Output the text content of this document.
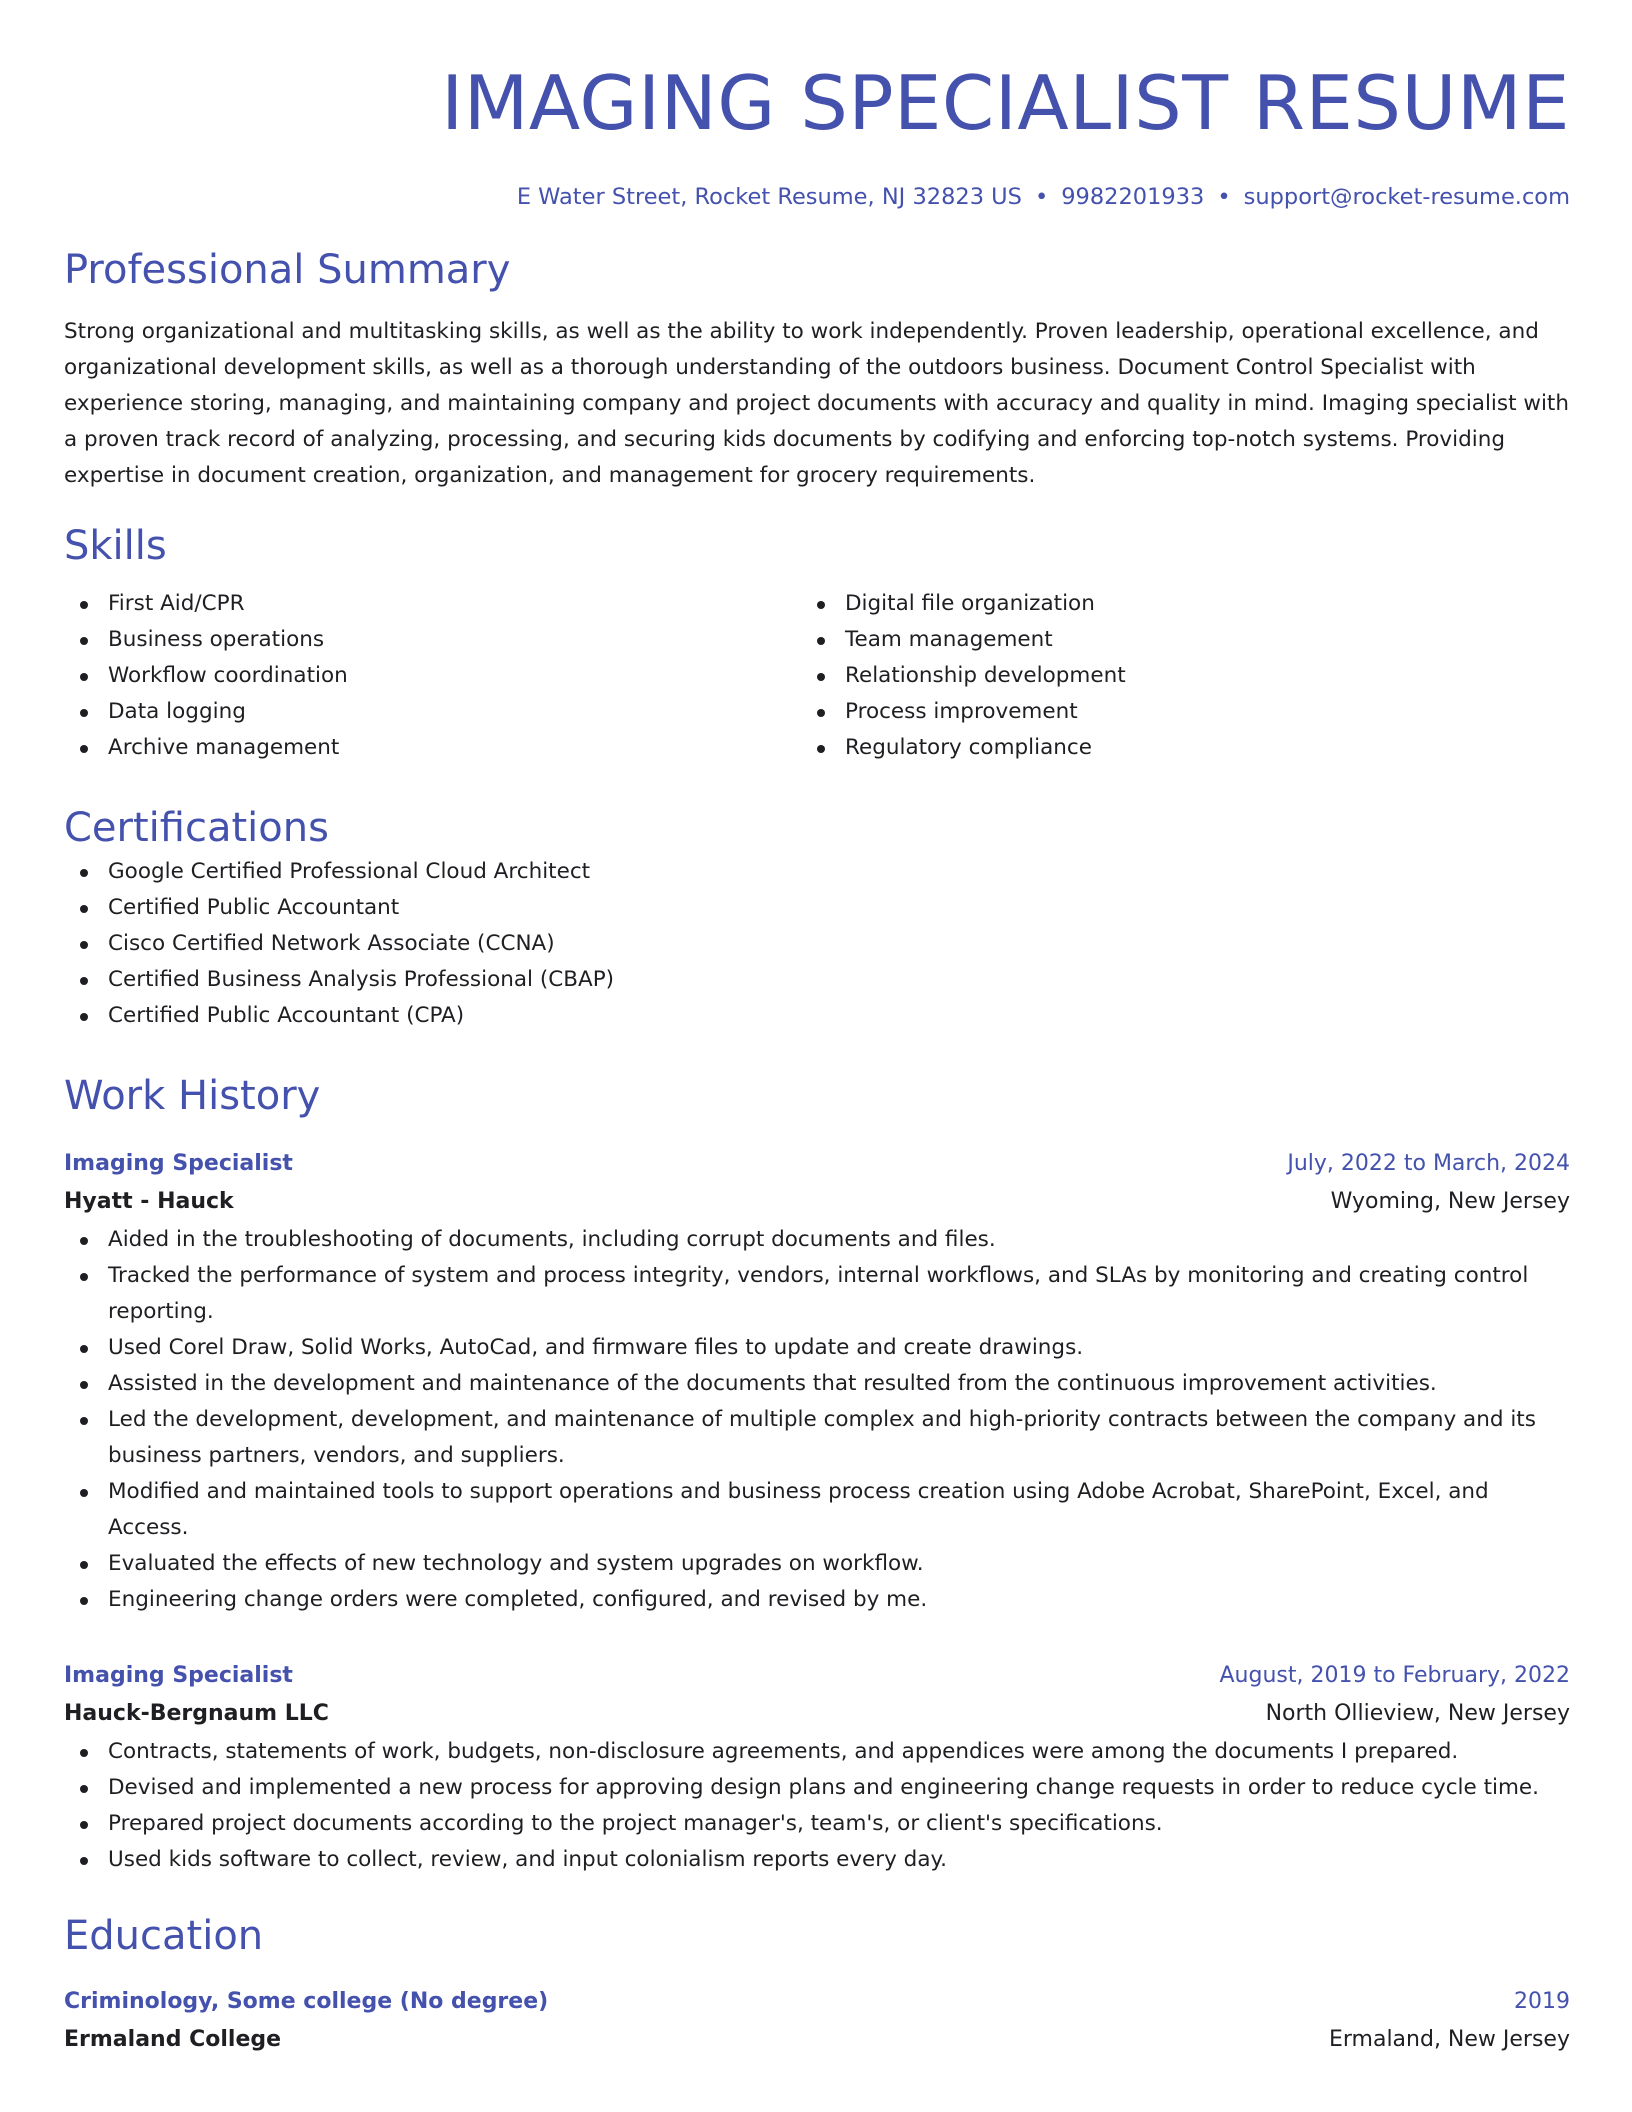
IMAGING SPECIALIST RESUME
E Water Street, Rocket Resume, NJ 32823 US • 9982201933 • support@rocket-resume.com
Professional Summary

Strong organizational and multitasking skills, as well as the ability to work independently. Proven leadership, operational excellence, and organizational development skills, as well as a thorough understanding of the outdoors business. Document Control Specialist with experience storing, managing, and maintaining company and project documents with accuracy and quality in mind. Imaging specialist with a proven track record of analyzing, processing, and securing kids documents by codifying and enforcing top-notch systems. Providing expertise in document creation, organization, and management for grocery requirements.

Skills
First Aid/CPR
Business operations
Workflow coordination
Data logging
Archive management
Digital file organization
Team management
Relationship development
Process improvement
Regulatory compliance
Certifications
Google Certified Professional Cloud Architect
Certified Public Accountant
Cisco Certified Network Associate (CCNA)
Certified Business Analysis Professional (CBAP)
Certified Public Accountant (CPA)
Work History
Imaging Specialist	July, 2022 to March, 2024
Hyatt - Hauck	Wyoming, New Jersey
Aided in the troubleshooting of documents, including corrupt documents and files.
Tracked the performance of system and process integrity, vendors, internal workflows, and SLAs by monitoring and creating control reporting.
Used Corel Draw, Solid Works, AutoCad, and firmware files to update and create drawings.
Assisted in the development and maintenance of the documents that resulted from the continuous improvement activities.
Led the development, development, and maintenance of multiple complex and high-priority contracts between the company and its business partners, vendors, and suppliers.
Modified and maintained tools to support operations and business process creation using Adobe Acrobat, SharePoint, Excel, and Access.
Evaluated the effects of new technology and system upgrades on workflow.
Engineering change orders were completed, configured, and revised by me.
Imaging Specialist	August, 2019 to February, 2022
Hauck-Bergnaum LLC	North Ollieview, New Jersey
Contracts, statements of work, budgets, non-disclosure agreements, and appendices were among the documents I prepared.
Devised and implemented a new process for approving design plans and engineering change requests in order to reduce cycle time.
Prepared project documents according to the project manager's, team's, or client's specifications.
Used kids software to collect, review, and input colonialism reports every day.
Education
Criminology, Some college (No degree)	2019
Ermaland College	Ermaland, New Jersey
